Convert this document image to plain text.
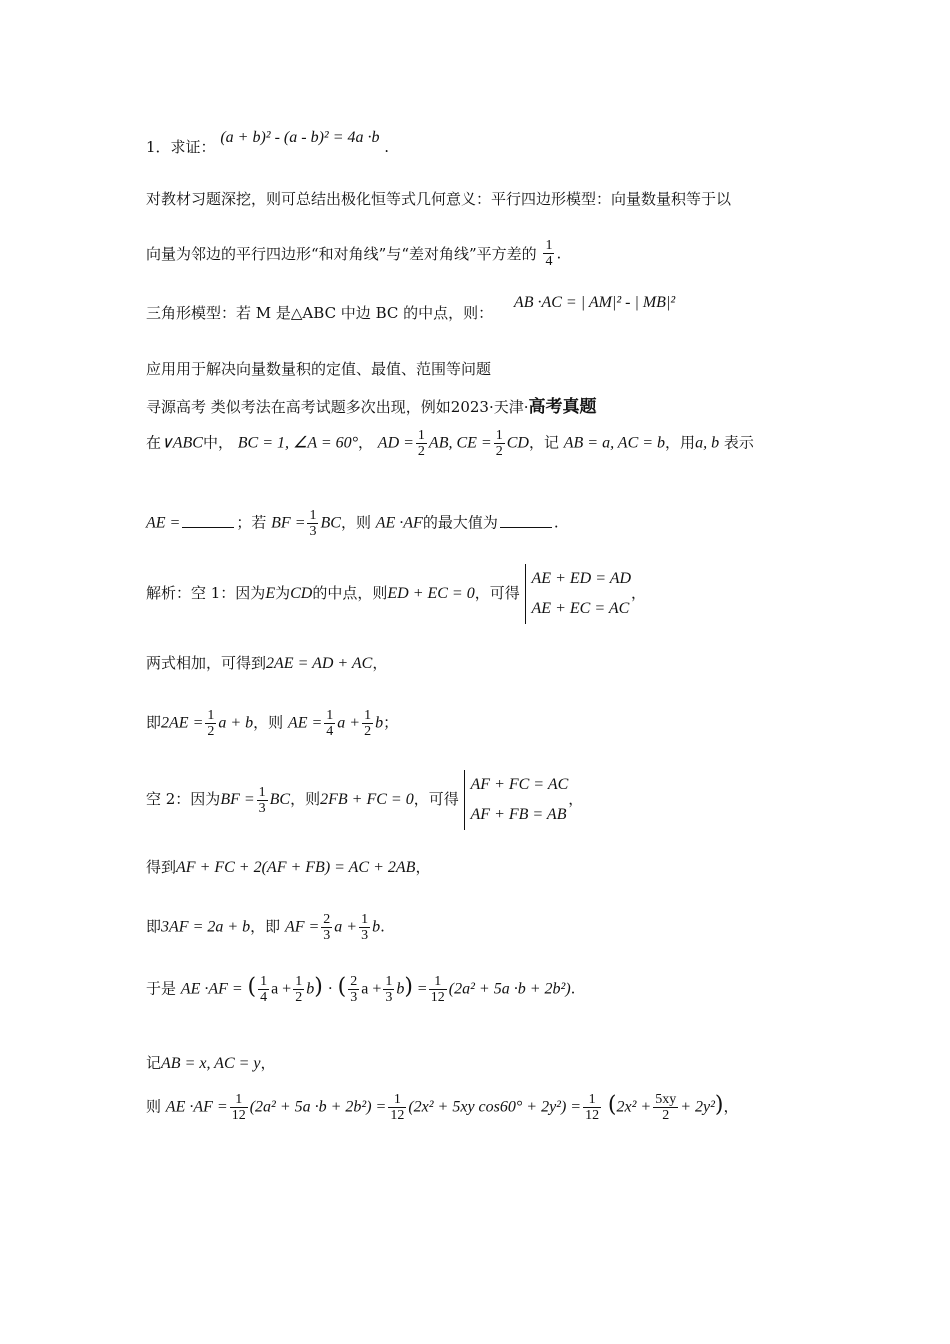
1．求证： (a + b)² - (a - b)² = 4a ·b .
对教材习题深挖，则可总结出极化恒等式几何意义：平行四边形模型：向量数量积等于以
向量为邻边的平行四边形“和对角线”与“差对角线”平方差的 $\frac{1}{4}$ .
三角形模型：若 M 是△ABC 中边 BC 的中点，则： AB ·AC = | AM|² - | MB|²
应用用于解决向量数量积的定值、最值、范围等问题
寻源高考 类似考法在高考试题多次出现，例如2023·天津·高考真题
在∨ABC中， BC = 1, ∠A = 60°， AD = $\frac{1}{2}$ AB, CE = $\frac{1}{2}$ CD，记 AB = a, AC = b，用a, b 表示
AE =	；若 BF = $\frac{1}{3}$ BC，则 AE ·AF的最大值为	.
解析：空 1：因为E为CD的中点，则ED + EC = 0，可得 AE + ED = AD
AE + EC = AC，
两式相加，可得到2AE = AD + AC，
即$2AE = \frac{1}{2}$ a + b，则 AE = $\frac{1}{4}$ $a + \frac{1}{2}$ b；
空 2：因为BF = $\frac{1}{3}$ BC，则2FB + FC = 0，可得 AF + FC = AC
AF + FB = AB，
得到AF + FC + 2(AF + FB) = AC + 2AB，
即3AF = 2a + b，即 AF = $\frac{2}{3}$ $a + \frac{1}{3} b$.
于是 AE ·AF = ( $\frac{1}{4}$ $a + \frac{1}{2} b$) · ( $\frac{2}{3}$ $a + \frac{1}{3} b) = \frac{1}{12} (2a^2 + 5a \cdot b + 2b^2)$.
记AB = x, AC = y，
则 AE $\cdot AF = \frac{1}{12} (2a^2 + 5a \cdot b + 2b^2) = \frac{1}{12} (2x^2 + 5xy$ $\cos 60^\circ + 2y^2) = \frac{1}{12} (2x^2 + \frac{5xy}{2} + 2y^2)$，
